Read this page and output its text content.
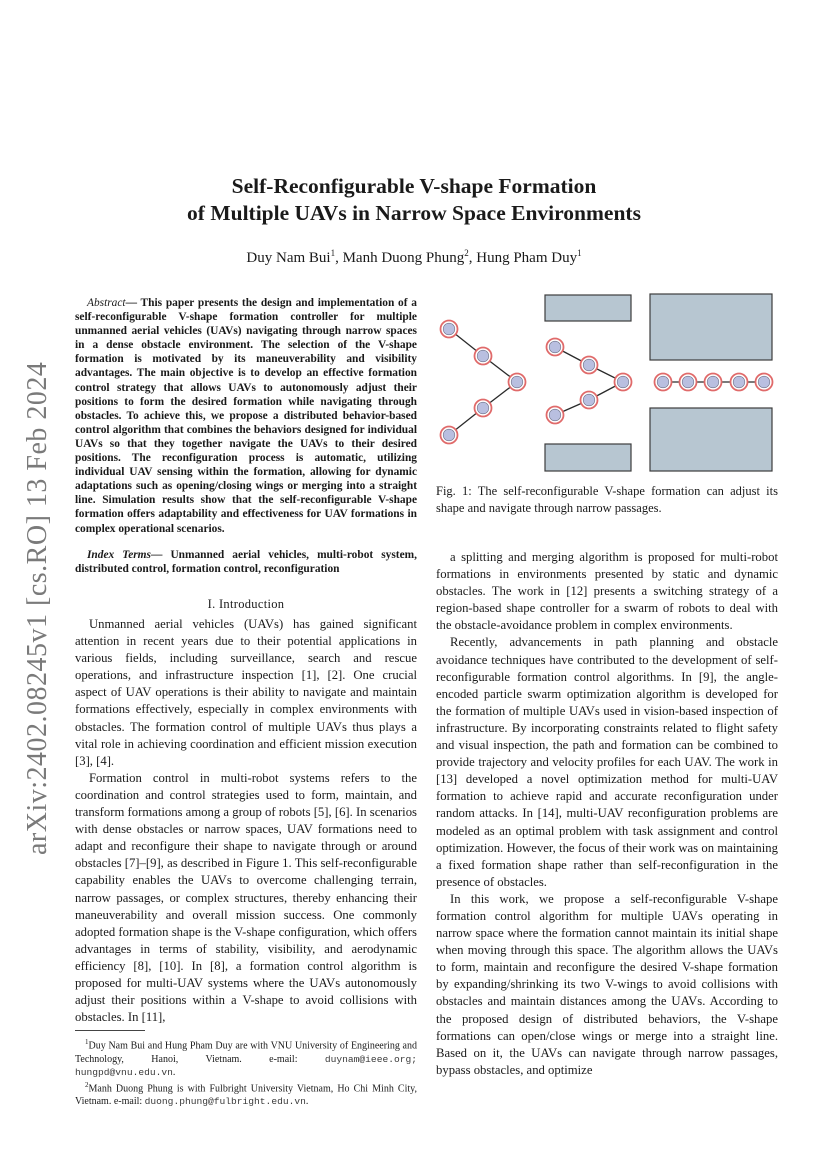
arXiv:2402.08245v1 [cs.RO] 13 Feb 2024
Self-Reconfigurable V-shape Formation
of Multiple UAVs in Narrow Space Environments
Duy Nam Bui$^1$, Manh Duong Phung$^2$, Hung Pham Duy$^1$

Abstract— This paper presents the design and implementation of a self-reconfigurable V-shape formation controller for multiple unmanned aerial vehicles (UAVs) navigating through narrow spaces in a dense obstacle environment. The selection of the V-shape formation is motivated by its maneuverability and visibility advantages. The main objective is to develop an effective formation control strategy that allows UAVs to autonomously adjust their positions to form the desired formation while navigating through obstacles. To achieve this, we propose a distributed behavior-based control algorithm that combines the behaviors designed for individual UAVs so that they together navigate the UAVs to their desired positions. The reconfiguration process is automatic, utilizing individual UAV sensing within the formation, allowing for dynamic adaptations such as opening/closing wings or merging into a straight line. Simulation results show that the self-reconfigurable V-shape formation offers adaptability and effectiveness for UAV formations in complex operational scenarios.

Index Terms— Unmanned aerial vehicles, multi-robot system, distributed control, formation control, reconfiguration
I. Introduction

Unmanned aerial vehicles (UAVs) has gained significant attention in recent years due to their potential applications in various fields, including surveillance, search and rescue operations, and infrastructure inspection [1], [2]. One crucial aspect of UAV operations is their ability to navigate and maintain formations effectively, especially in complex environments with obstacles. The formation control of multiple UAVs thus plays a vital role in achieving coordination and efficient mission execution [3], [4].

Formation control in multi-robot systems refers to the coordination and control strategies used to form, maintain, and transform formations among a group of robots [5], [6]. In scenarios with dense obstacles or narrow spaces, UAV formations need to adapt and reconfigure their shape to navigate through or around obstacles [7]–[9], as described in Figure 1. This self-reconfigurable capability enables the UAVs to overcome challenging terrain, narrow passages, or complex structures, thereby enhancing their maneuverability and overall mission success. One commonly adopted formation shape is the V-shape configuration, which offers advantages in terms of stability, visibility, and aerodynamic efficiency [8], [10]. In [8], a formation control algorithm is proposed for multi-UAV systems where the UAVs autonomously adjust their positions within a V-shape to avoid collisions with obstacles. In [11],

$^1$Duy Nam Bui and Hung Pham Duy are with VNU University of Engineering and Technology, Hanoi, Vietnam. e-mail: duynam@ieee.org; hungpd@vnu.edu.vn.

$^2$Manh Duong Phung is with Fulbright University Vietnam, Ho Chi Minh City, Vietnam. e-mail: duong.phung@fulbright.edu.vn.

Fig. 1: The self-reconfigurable V-shape formation can adjust its shape and navigate through narrow passages.

a splitting and merging algorithm is proposed for multi-robot formations in environments presented by static and dynamic obstacles. The work in [12] presents a switching strategy of a region-based shape controller for a swarm of robots to deal with the obstacle-avoidance problem in complex environments.

Recently, advancements in path planning and obstacle avoidance techniques have contributed to the development of self-reconfigurable formation control algorithms. In [9], the angle-encoded particle swarm optimization algorithm is developed for the formation of multiple UAVs used in vision-based inspection of infrastructure. By incorporating constraints related to flight safety and visual inspection, the path and formation can be combined to provide trajectory and velocity profiles for each UAV. The work in [13] developed a novel optimization method for multi-UAV formation to achieve rapid and accurate reconfiguration under random attacks. In [14], multi-UAV reconfiguration problems are modeled as an optimal problem with task assignment and control optimization. However, the focus of their work was on maintaining a fixed formation shape rather than self-reconfiguration in the presence of obstacles.

In this work, we propose a self-reconfigurable V-shape formation control algorithm for multiple UAVs operating in narrow space where the formation cannot maintain its initial shape when moving through this space. The algorithm allows the UAVs to form, maintain and reconfigure the desired V-shape formation by expanding/shrinking its two V-wings to avoid collisions with obstacles and maintain distances among the UAVs. According to the proposed design of distributed behaviors, the V-shape formations can open/close wings or merge into a straight line. Based on it, the UAVs can navigate through narrow passages, bypass obstacles, and optimize
